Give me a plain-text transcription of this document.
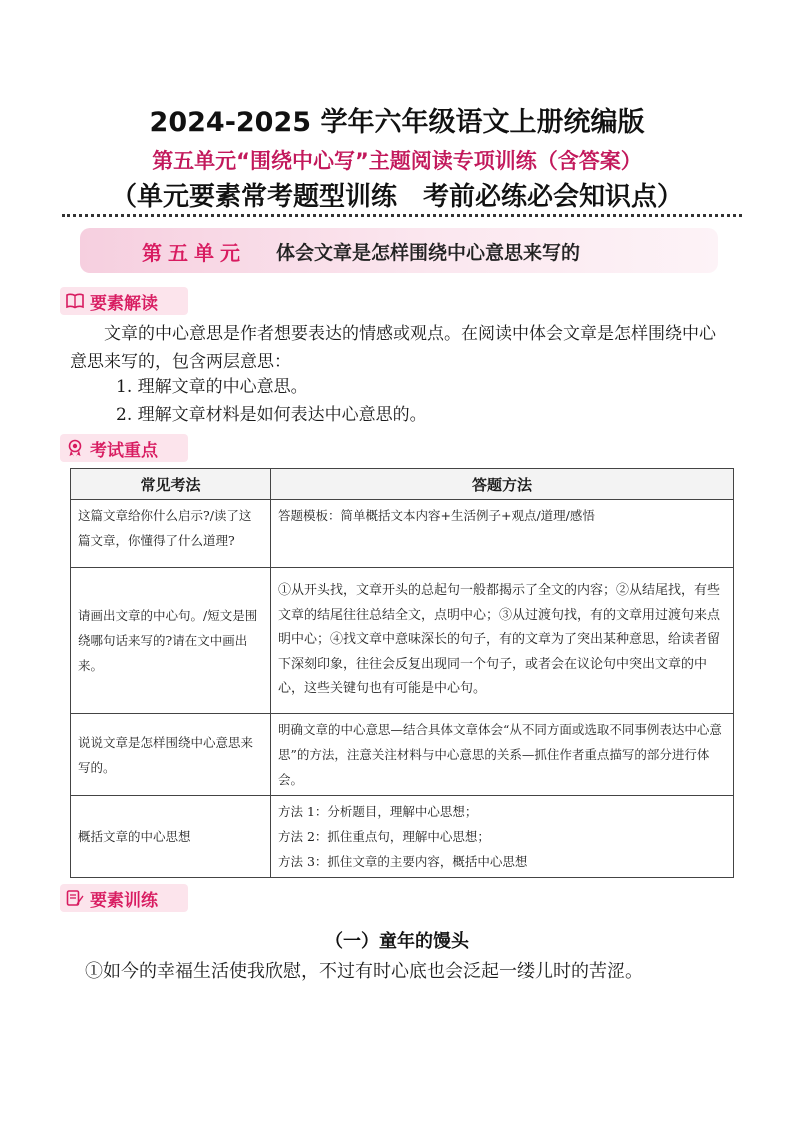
2024-2025 学年六年级语文上册统编版
第五单元“围绕中心写”主题阅读专项训练（含答案）
（单元要素常考题型训练　考前必练必会知识点）
第五单元 体会文章是怎样围绕中心意思来写的
要素解读
文章的中心意思是作者想要表达的情感或观点。在阅读中体会文章是怎样围绕中心意思来写的，包含两层意思：
1. 理解文章的中心意思。
2. 理解文章材料是如何表达中心意思的。
考试重点
常见考法	答题方法
这篇文章给你什么启示?/读了这篇文章，你懂得了什么道理?	答题模板：简单概括文本内容+生活例子+观点/道理/感悟
请画出文章的中心句。/短文是围绕哪句话来写的?请在文中画出来。	①从开头找，文章开头的总起句一般都揭示了全文的内容；②从结尾找，有些文章的结尾往往总结全文，点明中心；③从过渡句找，有的文章用过渡句来点明中心；④找文章中意味深长的句子，有的文章为了突出某种意思，给读者留下深刻印象，往往会反复出现同一个句子，或者会在议论句中突出文章的中心，这些关键句也有可能是中心句。
说说文章是怎样围绕中心意思来写的。	明确文章的中心意思—结合具体文章体会“从不同方面或选取不同事例表达中心意思”的方法，注意关注材料与中心意思的关系—抓住作者重点描写的部分进行体会。
概括文章的中心思想	方法 1：分析题目，理解中心思想；
方法 2：抓住重点句，理解中心思想；
方法 3：抓住文章的主要内容，概括中心思想
要素训练
（一）童年的馒头
①如今的幸福生活使我欣慰，不过有时心底也会泛起一缕儿时的苦涩。
